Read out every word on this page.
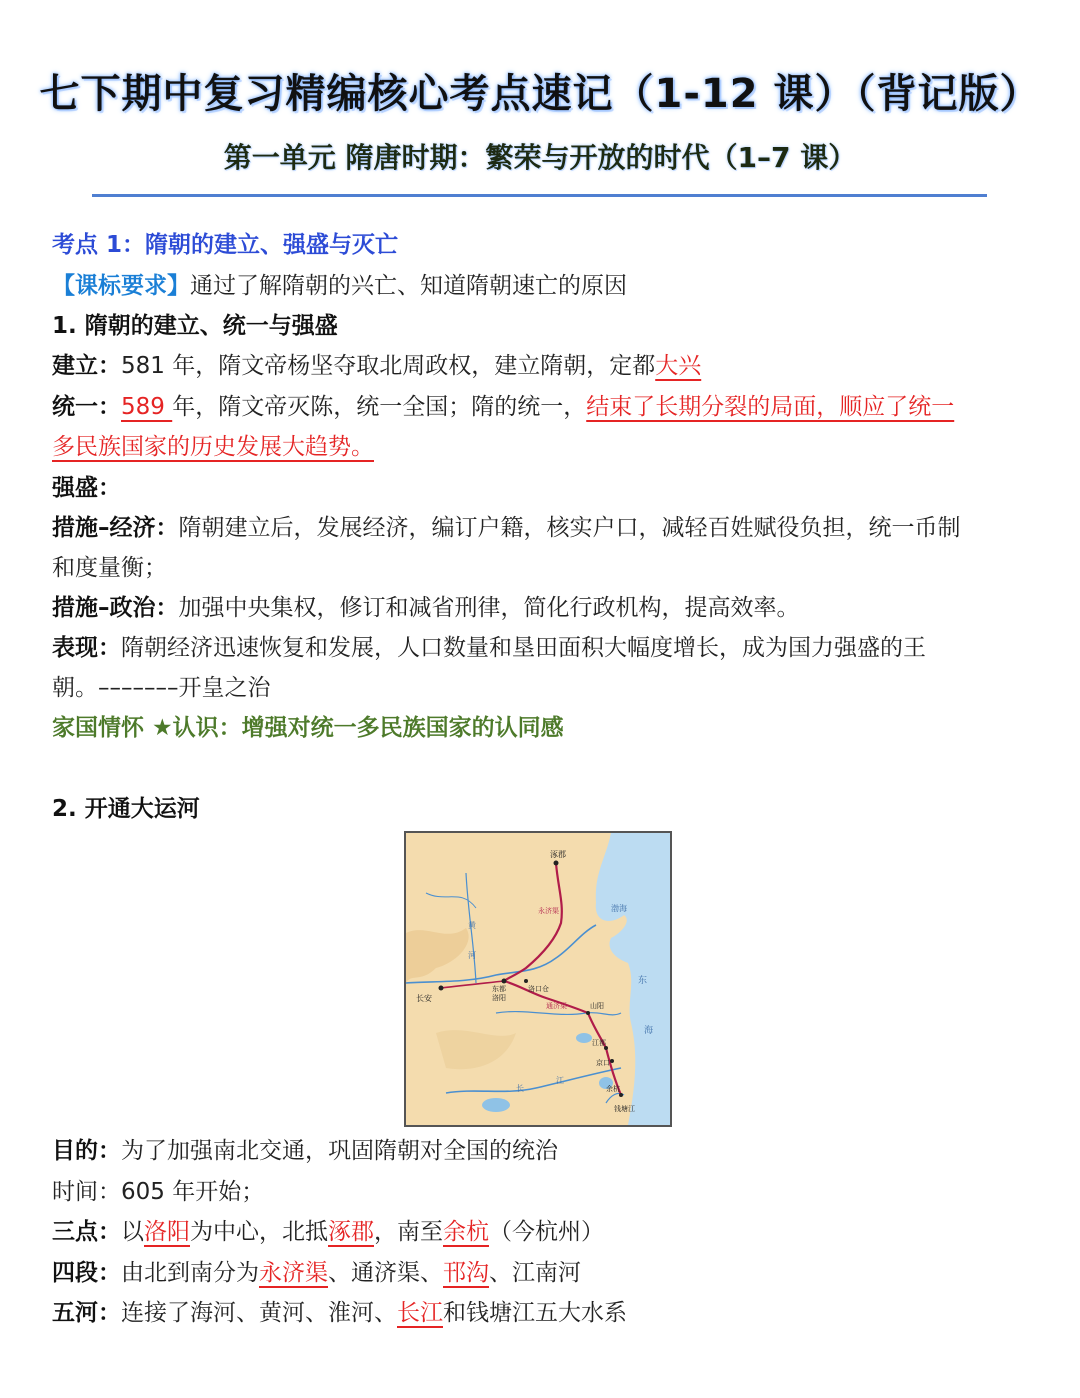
七下期中复习精编核心考点速记（1-12 课）（背记版）
第一单元 隋唐时期：繁荣与开放的时代（1–7 课）
考点 1：隋朝的建立、强盛与灭亡
【课标要求】通过了解隋朝的兴亡、知道隋朝速亡的原因
1. 隋朝的建立、统一与强盛
建立：581 年，隋文帝杨坚夺取北周政权，建立隋朝，定都大兴
统一：589 年，隋文帝灭陈，统一全国；隋的统一，结束了长期分裂的局面，顺应了统一
多民族国家的历史发展大趋势。
强盛：
措施–经济：隋朝建立后，发展经济，编订户籍，核实户口，减轻百姓赋役负担，统一币制
和度量衡；
措施–政治：加强中央集权，修订和减省刑律，简化行政机构，提高效率。
表现：隋朝经济迅速恢复和发展，人口数量和垦田面积大幅度增长，成为国力强盛的王
朝。–––––––开皇之治
家国情怀 ★认识：增强对统一多民族国家的认同感
2. 开通大运河
涿郡
渤海
东
海
长安
东都
洛阳
洛口仓
山阳
江都
京口
余杭
钱塘江
黄
河
长
江
永济渠
通济渠
目的：为了加强南北交通，巩固隋朝对全国的统治
时间：605 年开始；
三点：以洛阳为中心，北抵涿郡，南至余杭（今杭州）
四段：由北到南分为永济渠、通济渠、邗沟、江南河
五河：连接了海河、黄河、淮河、长江和钱塘江五大水系
